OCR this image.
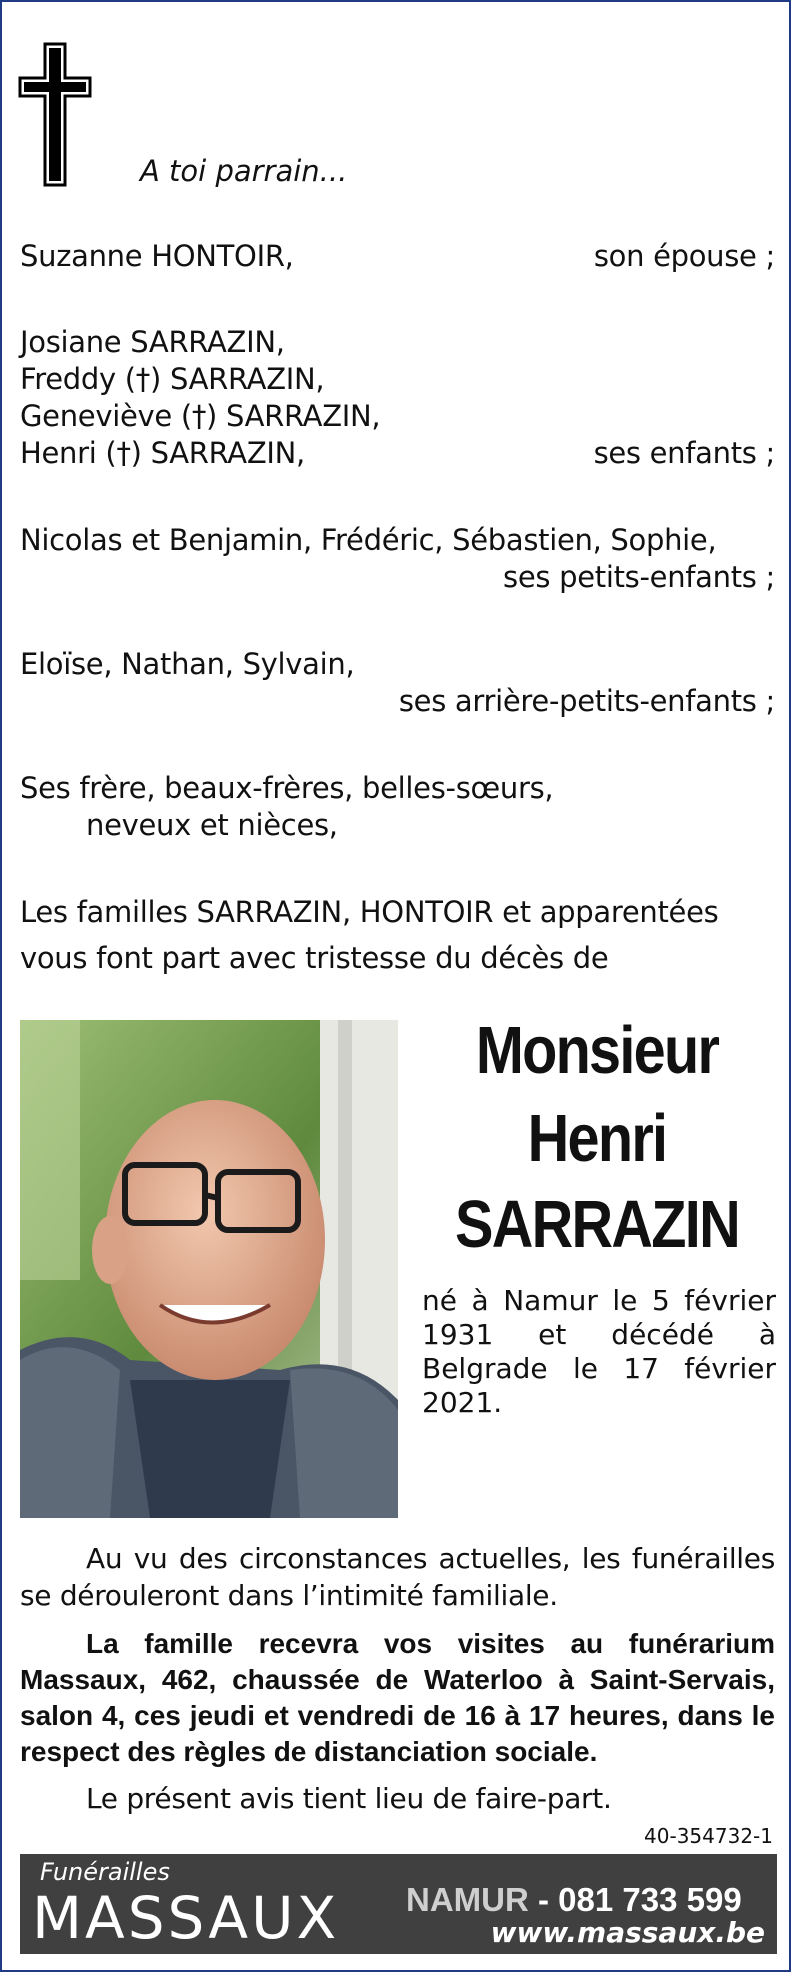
A toi parrain...
Suzanne HONTOIR,	son épouse ;
Josiane SARRAZIN,
Freddy (†) SARRAZIN,
Geneviève (†) SARRAZIN,
Henri (†) SARRAZIN,	ses enfants ;
Nicolas et Benjamin, Frédéric, Sébastien, Sophie,
ses petits-enfants ;
Eloïse, Nathan, Sylvain,
ses arrière-petits-enfants ;
Ses frère, beaux-frères, belles-sœurs,
neveux et nièces,
Les familles SARRAZIN, HONTOIR et apparentées
vous font part avec tristesse du décès de
Monsieur
Henri
SARRAZIN
né à Namur le 5 février 1931 et décédé à Belgrade le 17 février 2021.
Au vu des circonstances actuelles, les funérailles se dérouleront dans l’intimité familiale.
La famille recevra vos visites au funérarium Massaux, 462, chaussée de Waterloo à Saint-Servais, salon 4, ces jeudi et vendredi de 16 à 17 heures, dans le respect des règles de distanciation sociale.
Le présent avis tient lieu de faire-part.
40-354732-1
Funérailles
MASSAUX NAMUR - 081 733 599
www.massaux.be
